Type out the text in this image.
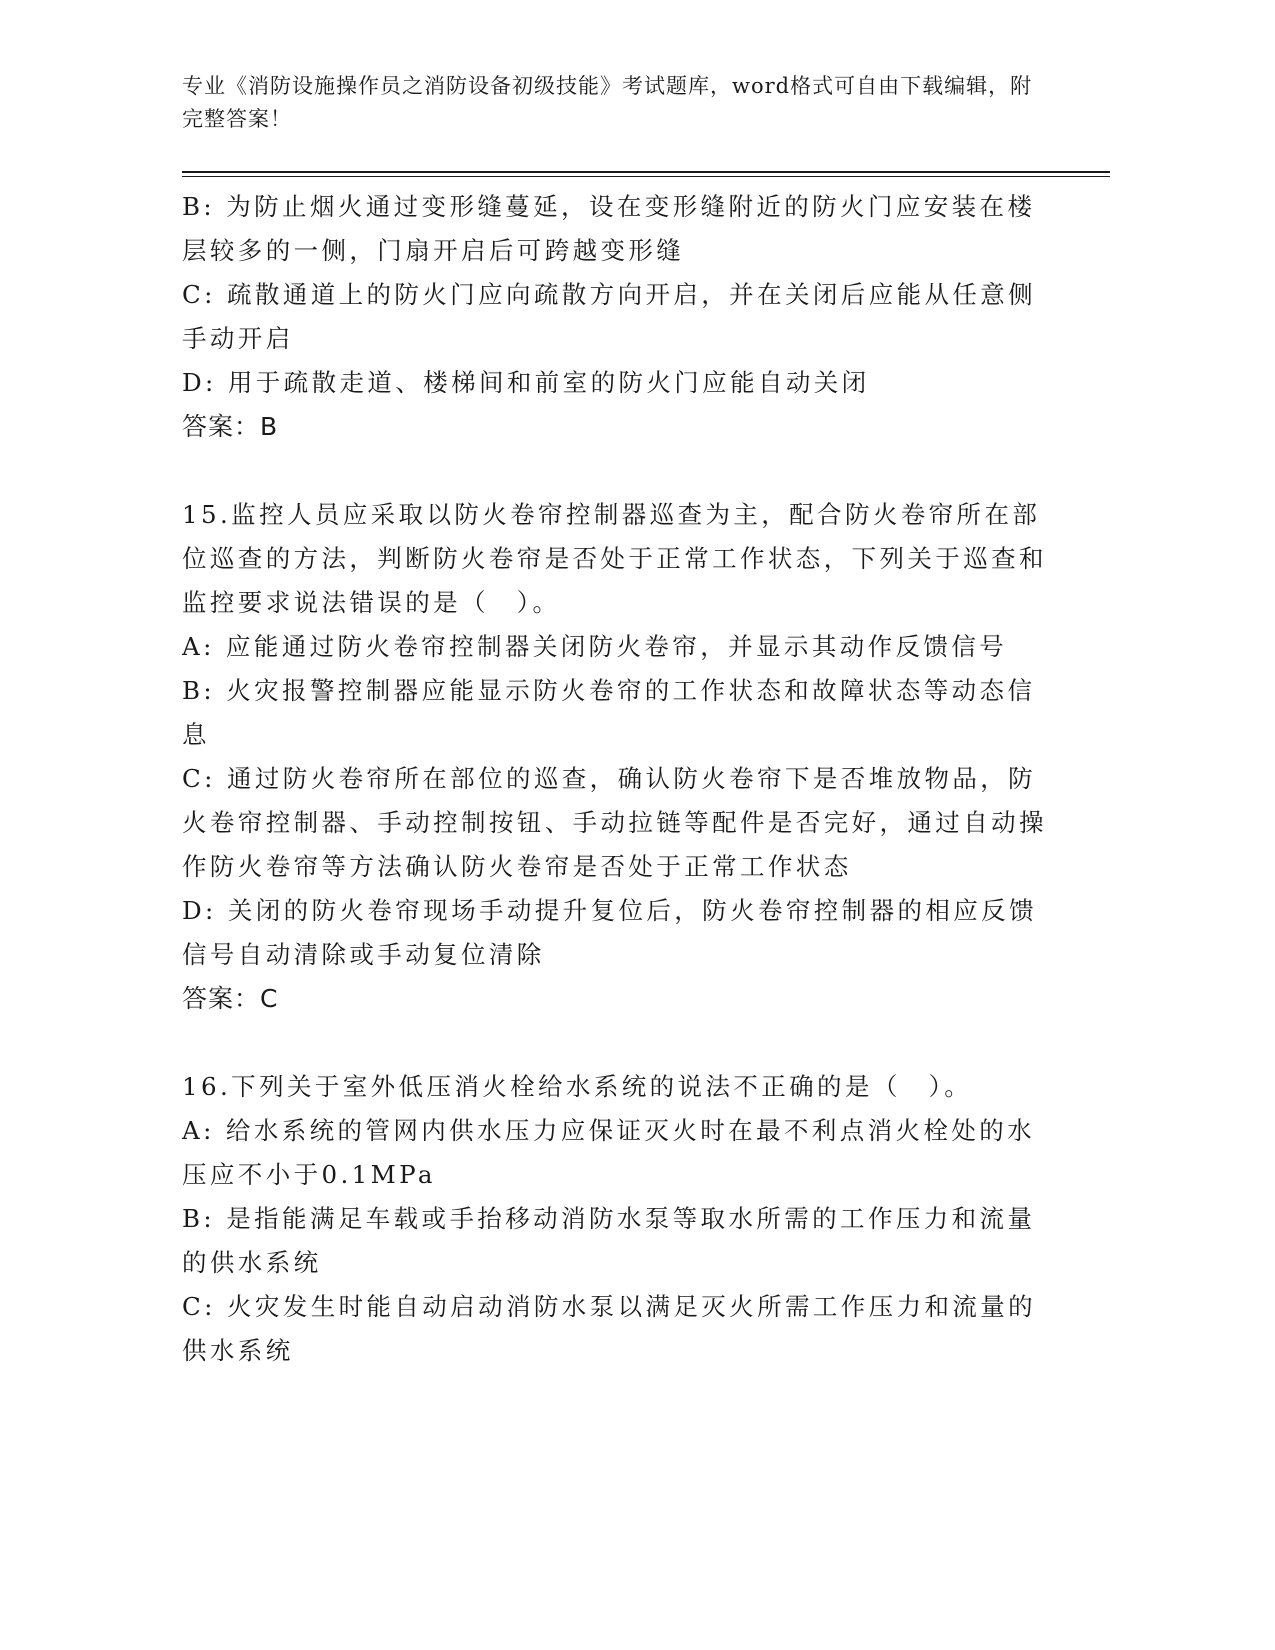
专业《消防设施操作员之消防设备初级技能》考试题库，word格式可自由下载编辑，附完整答案！

B: 为防止烟火通过变形缝蔓延，设在变形缝附近的防火门应安装在楼层较多的一侧，门扇开启后可跨越变形缝

C: 疏散通道上的防火门应向疏散方向开启，并在关闭后应能从任意侧手动开启

D: 用于疏散走道、楼梯间和前室的防火门应能自动关闭

答案：B

15.监控人员应采取以防火卷帘控制器巡查为主，配合防火卷帘所在部位巡查的方法，判断防火卷帘是否处于正常工作状态，下列关于巡查和监控要求说法错误的是（　）。

A: 应能通过防火卷帘控制器关闭防火卷帘，并显示其动作反馈信号

B: 火灾报警控制器应能显示防火卷帘的工作状态和故障状态等动态信息

C: 通过防火卷帘所在部位的巡查，确认防火卷帘下是否堆放物品，防火卷帘控制器、手动控制按钮、手动拉链等配件是否完好，通过自动操作防火卷帘等方法确认防火卷帘是否处于正常工作状态

D: 关闭的防火卷帘现场手动提升复位后，防火卷帘控制器的相应反馈信号自动清除或手动复位清除

答案：C

16.下列关于室外低压消火栓给水系统的说法不正确的是（　）。

A: 给水系统的管网内供水压力应保证灭火时在最不利点消火栓处的水压应不小于0.1MPa

B: 是指能满足车载或手抬移动消防水泵等取水所需的工作压力和流量的供水系统

C: 火灾发生时能自动启动消防水泵以满足灭火所需工作压力和流量的供水系统
